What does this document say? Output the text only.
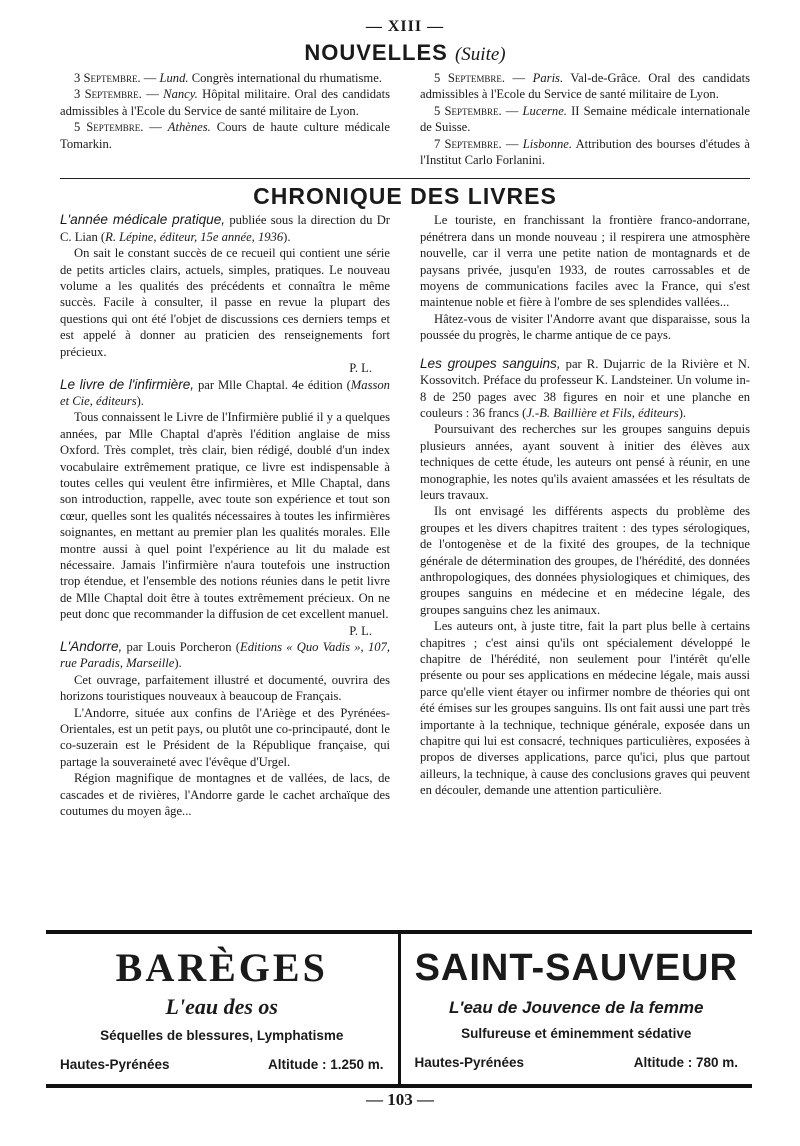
— XIII —
NOUVELLES (Suite)

3 Septembre. — Lund. Congrès international du rhumatisme.

3 Septembre. — Nancy. Hôpital militaire. Oral des candidats admissibles à l'Ecole du Service de santé militaire de Lyon.

5 Septembre. — Athènes. Cours de haute culture médicale Tomarkin.

5 Septembre. — Paris. Val-de-Grâce. Oral des candidats admissibles à l'Ecole du Service de santé militaire de Lyon.

5 Septembre. — Lucerne. II Semaine médicale internationale de Suisse.

7 Septembre. — Lisbonne. Attribution des bourses d'études à l'Institut Carlo Forlanini.

CHRONIQUE DES LIVRES

L'année médicale pratique, publiée sous la direction du Dr C. Lian (R. Lépine, éditeur, 15e année, 1936).

On sait le constant succès de ce recueil qui contient une série de petits articles clairs, actuels, simples, pratiques. Le nouveau volume a les qualités des précédents et connaîtra le même succès. Facile à consulter, il passe en revue la plupart des questions qui ont été l'objet de discussions ces derniers temps et est appelé à donner au praticien des renseignements fort précieux.

P. L.

Le livre de l'infirmière, par Mlle Chaptal. 4e édition (Masson et Cie, éditeurs).

Tous connaissent le Livre de l'Infirmière publié il y a quelques années, par Mlle Chaptal d'après l'édition anglaise de miss Oxford. Très complet, très clair, bien rédigé, doublé d'un index vocabulaire extrêmement pratique, ce livre est indispensable à toutes celles qui veulent être infirmières, et Mlle Chaptal, dans son introduction, rappelle, avec toute son expérience et tout son cœur, quelles sont les qualités nécessaires à toutes les infirmières soignantes, en mettant au premier plan les qualités morales. Elle montre aussi à quel point l'expérience au lit du malade est nécessaire. Jamais l'infirmière n'aura toutefois une instruction trop étendue, et l'ensemble des notions réunies dans le petit livre de Mlle Chaptal doit être à toutes extrêmement précieux. On ne peut donc que recommander la diffusion de cet excellent manuel.

P. L.

L'Andorre, par Louis Porcheron (Editions « Quo Vadis », 107, rue Paradis, Marseille).

Cet ouvrage, parfaitement illustré et documenté, ouvrira des horizons touristiques nouveaux à beaucoup de Français.

L'Andorre, située aux confins de l'Ariège et des Pyrénées-Orientales, est un petit pays, ou plutôt une co-principauté, dont le co-suzerain est le Président de la République française, qui partage la souveraineté avec l'évêque d'Urgel.

Région magnifique de montagnes et de vallées, de lacs, de cascades et de rivières, l'Andorre garde le cachet archaïque des coutumes du moyen âge...

Le touriste, en franchissant la frontière franco-andorrane, pénétrera dans un monde nouveau ; il respirera une atmosphère nouvelle, car il verra une petite nation de montagnards et de paysans privée, jusqu'en 1933, de routes carrossables et de moyens de communications faciles avec la France, qui s'est maintenue noble et fière à l'ombre de ses splendides vallées...

Hâtez-vous de visiter l'Andorre avant que disparaisse, sous la poussée du progrès, le charme antique de ce pays.

Les groupes sanguins, par R. Dujarric de la Rivière et N. Kossovitch. Préface du professeur K. Landsteiner. Un volume in-8 de 250 pages avec 38 figures en noir et une planche en couleurs : 36 francs (J.-B. Baillière et Fils, éditeurs).

Poursuivant des recherches sur les groupes sanguins depuis plusieurs années, ayant souvent à initier des élèves aux techniques de cette étude, les auteurs ont pensé à réunir, en une monographie, les notes qu'ils avaient amassées et les résultats de leurs travaux.

Ils ont envisagé les différents aspects du problème des groupes et les divers chapitres traitent : des types sérologiques, de l'ontogenèse et de la fixité des groupes, de la technique générale de détermination des groupes, de l'hérédité, des données anthropologiques, des données physiologiques et chimiques, des groupes sanguins en médecine et en médecine légale, des groupes sanguins chez les animaux.

Les auteurs ont, à juste titre, fait la part plus belle à certains chapitres ; c'est ainsi qu'ils ont spécialement développé le chapitre de l'hérédité, non seulement pour l'intérêt qu'elle présente ou pour ses applications en médecine légale, mais aussi parce qu'elle vient étayer ou infirmer nombre de théories qui ont été émises sur les groupes sanguins. Ils ont fait aussi une part très importante à la technique, technique générale, exposée dans un chapitre qui lui est consacré, techniques particulières, exposées à propos de diverses applications, parce qu'ici, plus que partout ailleurs, la technique, à cause des conclusions graves qui peuvent en découler, demande une attention particulière.

BARÈGES
L'eau des os
Séquelles de blessures, Lymphatisme
Hautes-Pyrénées	Altitude : 1.250 m.
SAINT-SAUVEUR
L'eau de Jouvence de la femme
Sulfureuse et éminemment sédative
Hautes-Pyrénées	Altitude : 780 m.
— 103 —
